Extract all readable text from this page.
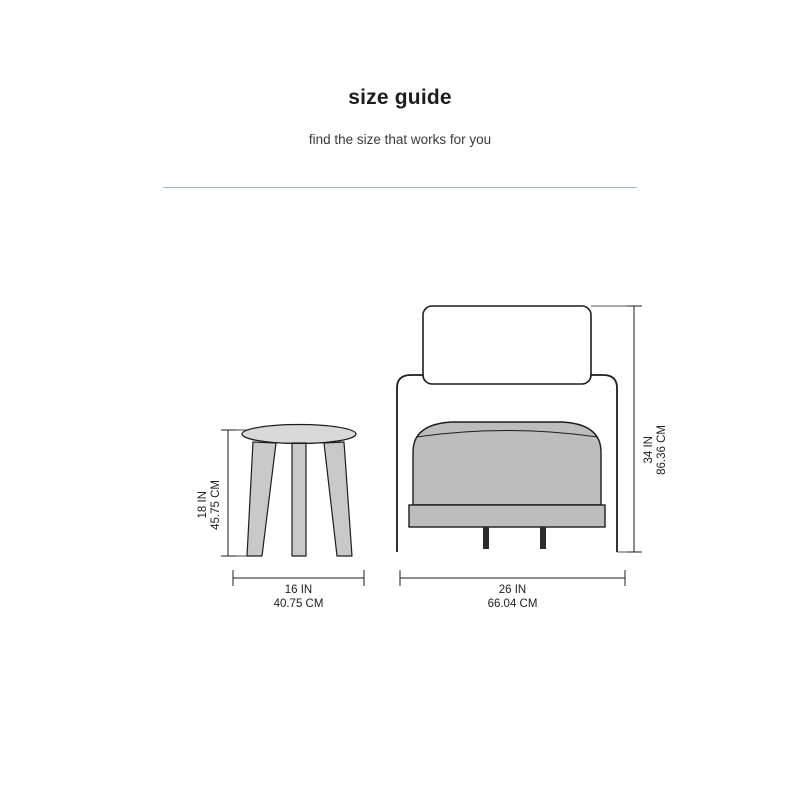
size guide

find the size that works for you

18 IN 45.75 CM
16 IN
40.75 CM
34 IN 86.36 CM
26 IN
66.04 CM
